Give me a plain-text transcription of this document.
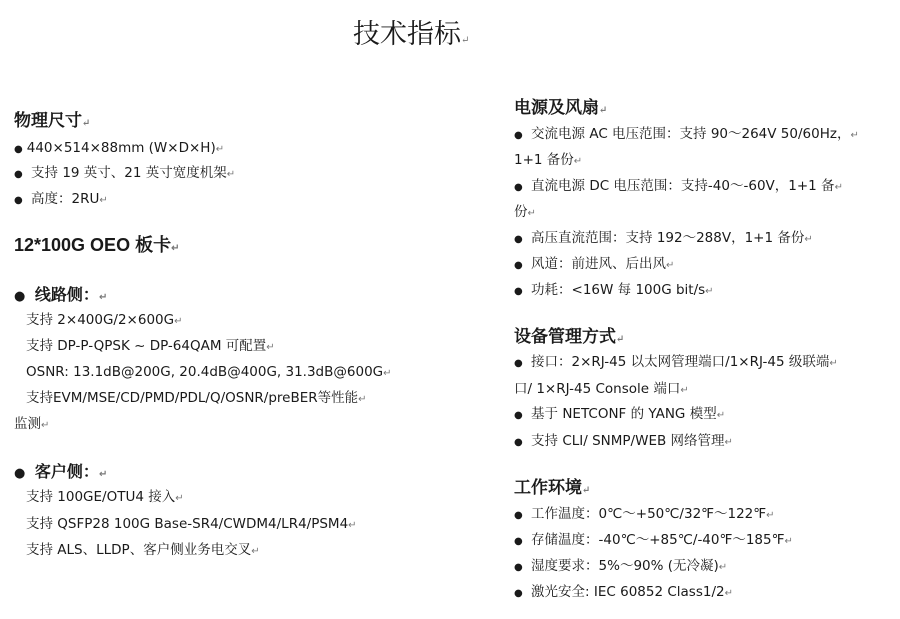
技术指标↵
物理尺寸↵
● 440×514×88mm (W×D×H)↵
● 支持 19 英寸、21 英寸宽度机架↵
● 高度：2RU↵
12*100G OEO 板卡↵
● 线路侧：↵
支持 2×400G/2×600G↵
支持 DP-P-QPSK ~ DP-64QAM 可配置↵
OSNR: 13.1dB@200G, 20.4dB@400G, 31.3dB@600G↵
支持EVM/MSE/CD/PMD/PDL/Q/OSNR/preBER等性能↵
监测↵
● 客户侧：↵
支持 100GE/OTU4 接入↵
支持 QSFP28 100G Base-SR4/CWDM4/LR4/PSM4↵
支持 ALS、LLDP、客户侧业务电交叉↵
电源及风扇↵
● 交流电源 AC 电压范围：支持 90～264V 50/60Hz，↵
1+1 备份↵
● 直流电源 DC 电压范围：支持-40～-60V，1+1 备↵
份↵
● 高压直流范围：支持 192～288V，1+1 备份↵
● 风道：前进风、后出风↵
● 功耗：<16W 每 100G bit/s↵
设备管理方式↵
● 接口：2×RJ-45 以太网管理端口/1×RJ-45 级联端↵
口/ 1×RJ-45 Console 端口↵
● 基于 NETCONF 的 YANG 模型↵
● 支持 CLI/ SNMP/WEB 网络管理↵
工作环境↵
● 工作温度：0℃～+50℃/32℉～122℉↵
● 存储温度：-40℃～+85℃/-40℉～185℉↵
● 湿度要求：5%～90% (无冷凝)↵
● 激光安全: IEC 60852 Class1/2↵
